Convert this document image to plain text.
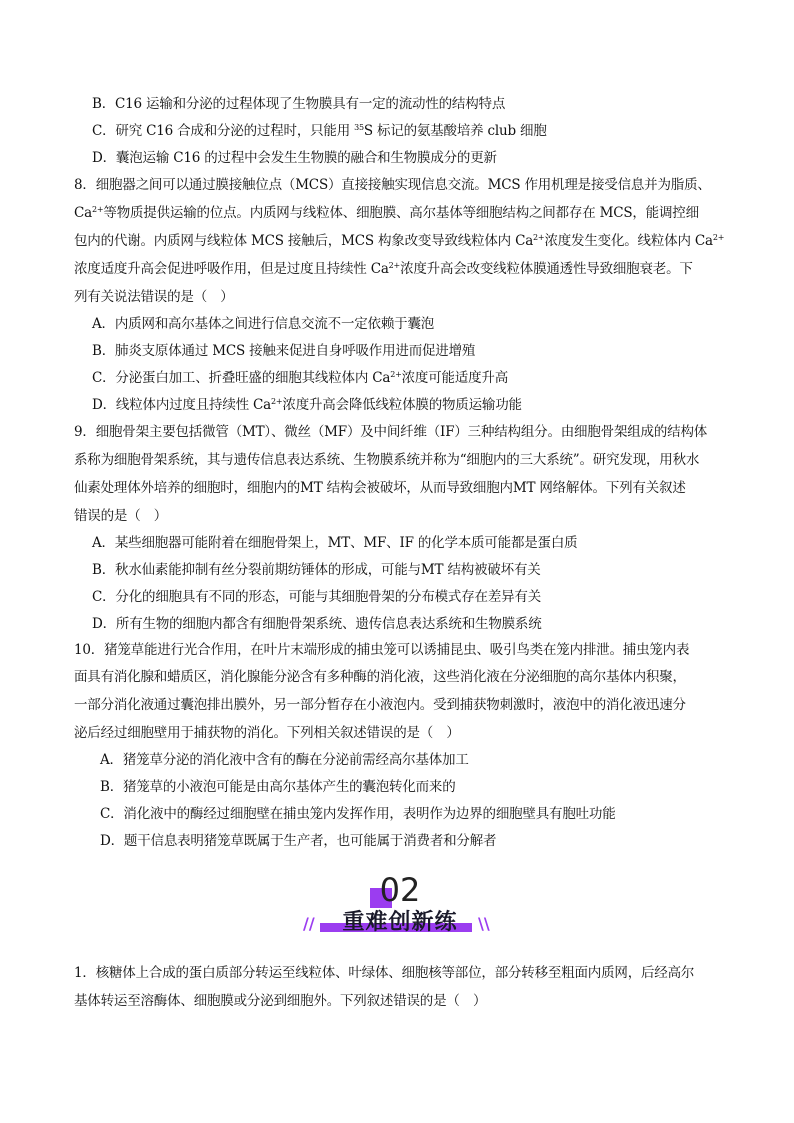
B．C16 运输和分泌的过程体现了生物膜具有一定的流动性的结构特点
C．研究 C16 合成和分泌的过程时，只能用 $^{35}$S 标记的氨基酸培养 club 细胞
D．囊泡运输 C16 的过程中会发生生物膜的融合和生物膜成分的更新
8．细胞器之间可以通过膜接触位点（MCS）直接接触实现信息交流。MCS 作用机理是接受信息并为脂质、
$Ca^{2+}$等物质提供运输的位点。内质网与线粒体、细胞膜、高尔基体等细胞结构之间都存在 MCS，能调控细
包内的代谢。内质网与线粒体 MCS 接触后，MCS 构象改变导致线粒体内 $Ca^{2+}$浓度发生变化。线粒体内 $Ca^{2+}$
浓度适度升高会促进呼吸作用，但是过度且持续性 $Ca^{2+}$浓度升高会改变线粒体膜通透性导致细胞衰老。下
列有关说法错误的是（　）
A．内质网和高尔基体之间进行信息交流不一定依赖于囊泡
B．肺炎支原体通过 MCS 接触来促进自身呼吸作用进而促进增殖
C．分泌蛋白加工、折叠旺盛的细胞其线粒体内 $Ca^{2+}$浓度可能适度升高
D．线粒体内过度且持续性 $Ca^{2+}$浓度升高会降低线粒体膜的物质运输功能
9．细胞骨架主要包括微管（MT）、微丝（MF）及中间纤维（IF）三种结构组分。由细胞骨架组成的结构体
系称为细胞骨架系统，其与遗传信息表达系统、生物膜系统并称为“细胞内的三大系统”。研究发现，用秋水
仙素处理体外培养的细胞时，细胞内的MT 结构会被破坏，从而导致细胞内MT 网络解体。下列有关叙述
错误的是（　）
A．某些细胞器可能附着在细胞骨架上，MT、MF、IF 的化学本质可能都是蛋白质
B．秋水仙素能抑制有丝分裂前期纺锤体的形成，可能与MT 结构被破坏有关
C．分化的细胞具有不同的形态，可能与其细胞骨架的分布模式存在差异有关
D．所有生物的细胞内都含有细胞骨架系统、遗传信息表达系统和生物膜系统
10．猪笼草能进行光合作用，在叶片末端形成的捕虫笼可以诱捕昆虫、吸引鸟类在笼内排泄。捕虫笼内表
面具有消化腺和蜡质区，消化腺能分泌含有多种酶的消化液，这些消化液在分泌细胞的高尔基体内积聚，
一部分消化液通过囊泡排出膜外，另一部分暂存在小液泡内。受到捕获物刺激时，液泡中的消化液迅速分
泌后经过细胞壁用于捕获物的消化。下列相关叙述错误的是（　）
A．猪笼草分泌的消化液中含有的酶在分泌前需经高尔基体加工
B．猪笼草的小液泡可能是由高尔基体产生的囊泡转化而来的
C．消化液中的酶经过细胞壁在捕虫笼内发挥作用，表明作为边界的细胞壁具有胞吐功能
D．题干信息表明猪笼草既属于生产者，也可能属于消费者和分解者
1．核糖体上合成的蛋白质部分转运至线粒体、叶绿体、细胞核等部位，部分转移至粗面内质网，后经高尔
基体转运至溶酶体、细胞膜或分泌到细胞外。下列叙述错误的是（　）
02
//	重难创新练	\\
